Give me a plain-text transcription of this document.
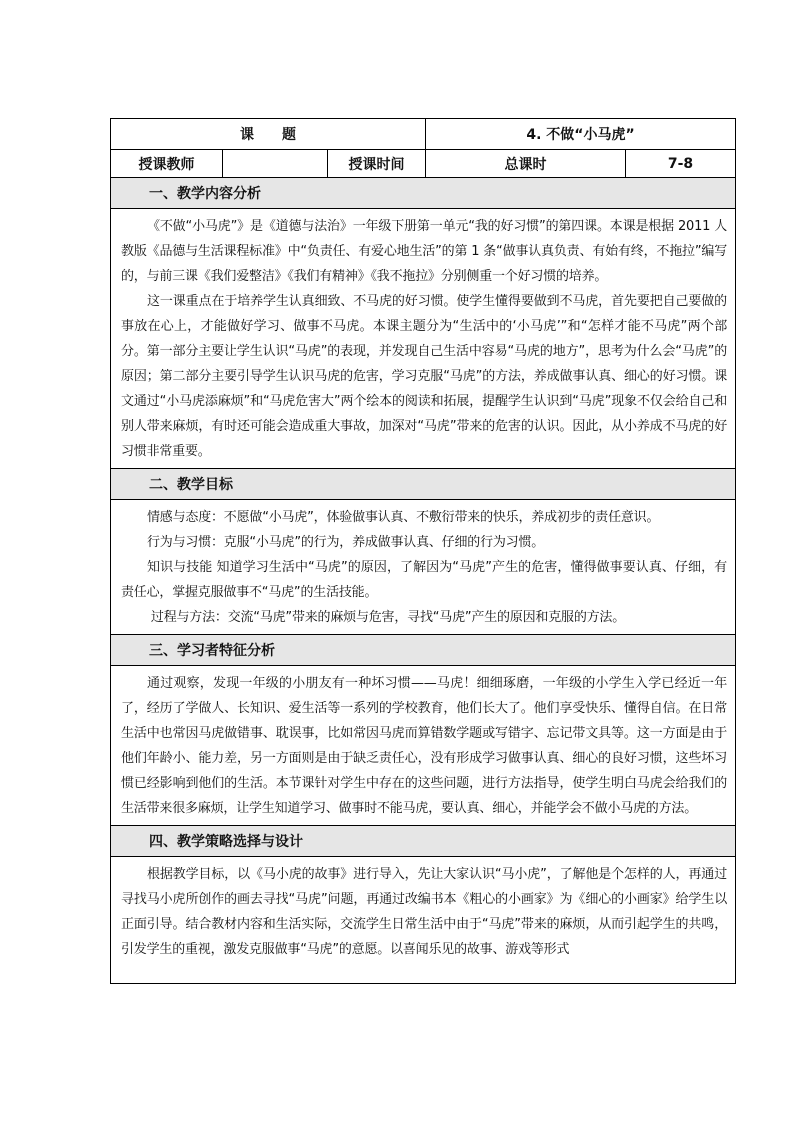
课　　题			4. 不做“小马虎”	
授课教师		授课时间	总课时	7-8
一、教学内容分析				

《不做“小马虎”》是《道德与法治》一年级下册第一单元“我的好习惯”的第四课。本课是根据 2011 人教版《品德与生活课程标准》中“负责任、有爱心地生活”的第 1 条“做事认真负责、有始有终，不拖拉”编写的，与前三课《我们爱整洁》《我们有精神》《我不拖拉》分别侧重一个好习惯的培养。

这一课重点在于培养学生认真细致、不马虎的好习惯。使学生懂得要做到不马虎，首先要把自己要做的事放在心上，才能做好学习、做事不马虎。本课主题分为“生活中的‘小马虎’”和“怎样才能不马虎”两个部分。第一部分主要让学生认识“马虎”的表现，并发现自己生活中容易“马虎的地方”，思考为什么会“马虎”的原因；第二部分主要引导学生认识马虎的危害，学习克服“马虎”的方法，养成做事认真、细心的好习惯。课文通过“小马虎添麻烦”和“马虎危害大”两个绘本的阅读和拓展，提醒学生认识到“马虎”现象不仅会给自己和别人带来麻烦，有时还可能会造成重大事故，加深对“马虎”带来的危害的认识。因此，从小养成不马虎的好习惯非常重要。				

二、教学目标				

情感与态度：不愿做“小马虎”，体验做事认真、不敷衍带来的快乐，养成初步的责任意识。

行为与习惯：克服“小马虎”的行为，养成做事认真、仔细的行为习惯。

知识与技能 知道学习生活中“马虎”的原因，了解因为“马虎”产生的危害，懂得做事要认真、仔细，有责任心，掌握克服做事不“马虎”的生活技能。

过程与方法：交流“马虎”带来的麻烦与危害，寻找“马虎”产生的原因和克服的方法。				

三、学习者特征分析				

通过观察，发现一年级的小朋友有一种坏习惯——马虎！细细琢磨，一年级的小学生入学已经近一年了，经历了学做人、长知识、爱生活等一系列的学校教育，他们长大了。他们享受快乐、懂得自信。在日常生活中也常因马虎做错事、耽误事，比如常因马虎而算错数学题或写错字、忘记带文具等。这一方面是由于他们年龄小、能力差，另一方面则是由于缺乏责任心，没有形成学习做事认真、细心的良好习惯，这些坏习惯已经影响到他们的生活。本节课针对学生中存在的这些问题，进行方法指导，使学生明白马虎会给我们的生活带来很多麻烦，让学生知道学习、做事时不能马虎，要认真、细心，并能学会不做小马虎的方法。				

四、教学策略选择与设计				

根据教学目标，以《马小虎的故事》进行导入，先让大家认识“马小虎”，了解他是个怎样的人，再通过寻找马小虎所创作的画去寻找“马虎”问题，再通过改编书本《粗心的小画家》为《细心的小画家》给学生以正面引导。结合教材内容和生活实际，交流学生日常生活中由于“马虎”带来的麻烦，从而引起学生的共鸣，引发学生的重视，激发克服做事“马虎”的意愿。以喜闻乐见的故事、游戏等形式				
